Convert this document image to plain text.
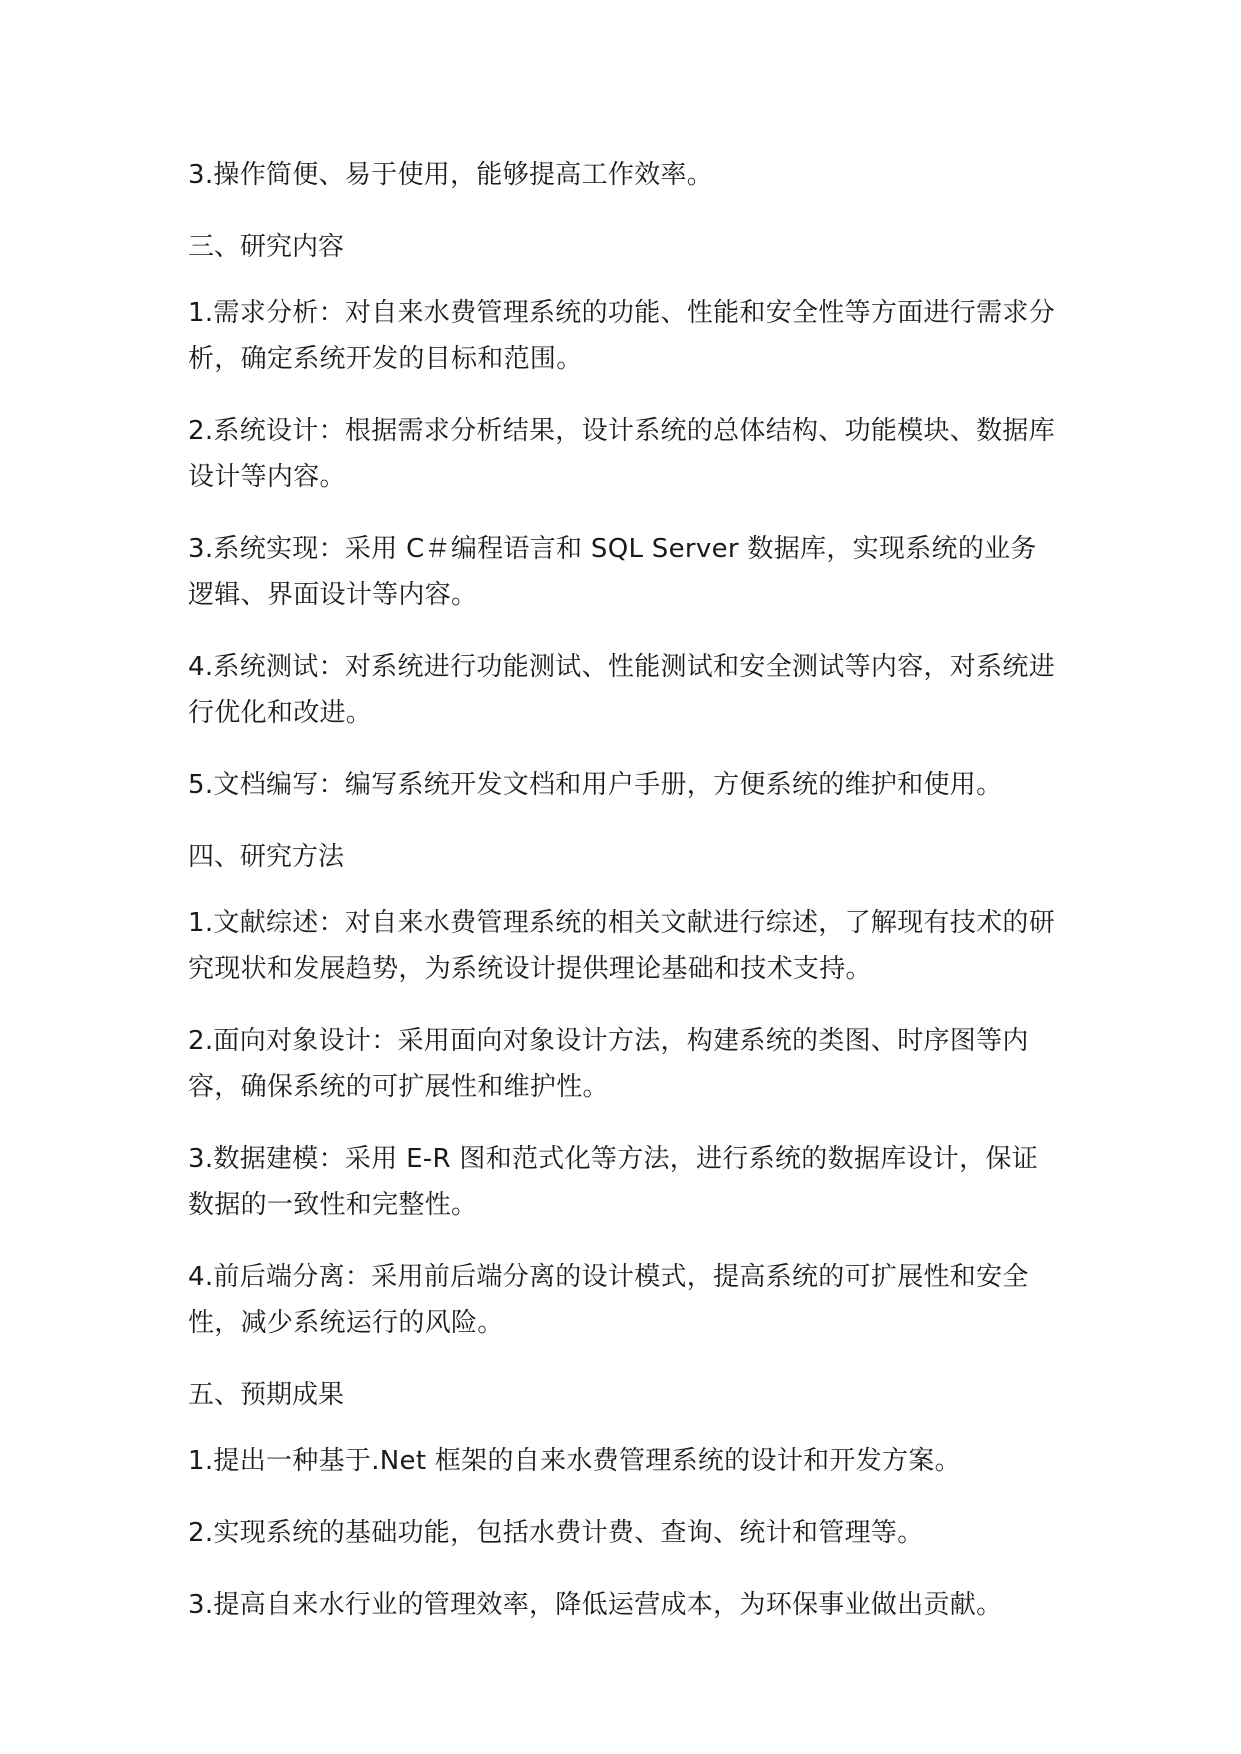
3.操作简便、易于使用，能够提高工作效率。

三、研究内容

1.需求分析：对自来水费管理系统的功能、性能和安全性等方面进行需求分析，确定系统开发的目标和范围。

2.系统设计：根据需求分析结果，设计系统的总体结构、功能模块、数据库设计等内容。

3.系统实现：采用 C＃编程语言和 SQL Server 数据库，实现系统的业务逻辑、界面设计等内容。

4.系统测试：对系统进行功能测试、性能测试和安全测试等内容，对系统进行优化和改进。

5.文档编写：编写系统开发文档和用户手册，方便系统的维护和使用。

四、研究方法

1.文献综述：对自来水费管理系统的相关文献进行综述，了解现有技术的研究现状和发展趋势，为系统设计提供理论基础和技术支持。

2.面向对象设计：采用面向对象设计方法，构建系统的类图、时序图等内容，确保系统的可扩展性和维护性。

3.数据建模：采用 E-R 图和范式化等方法，进行系统的数据库设计，保证数据的一致性和完整性。

4.前后端分离：采用前后端分离的设计模式，提高系统的可扩展性和安全性，减少系统运行的风险。

五、预期成果

1.提出一种基于.Net 框架的自来水费管理系统的设计和开发方案。

2.实现系统的基础功能，包括水费计费、查询、统计和管理等。

3.提高自来水行业的管理效率，降低运营成本，为环保事业做出贡献。
